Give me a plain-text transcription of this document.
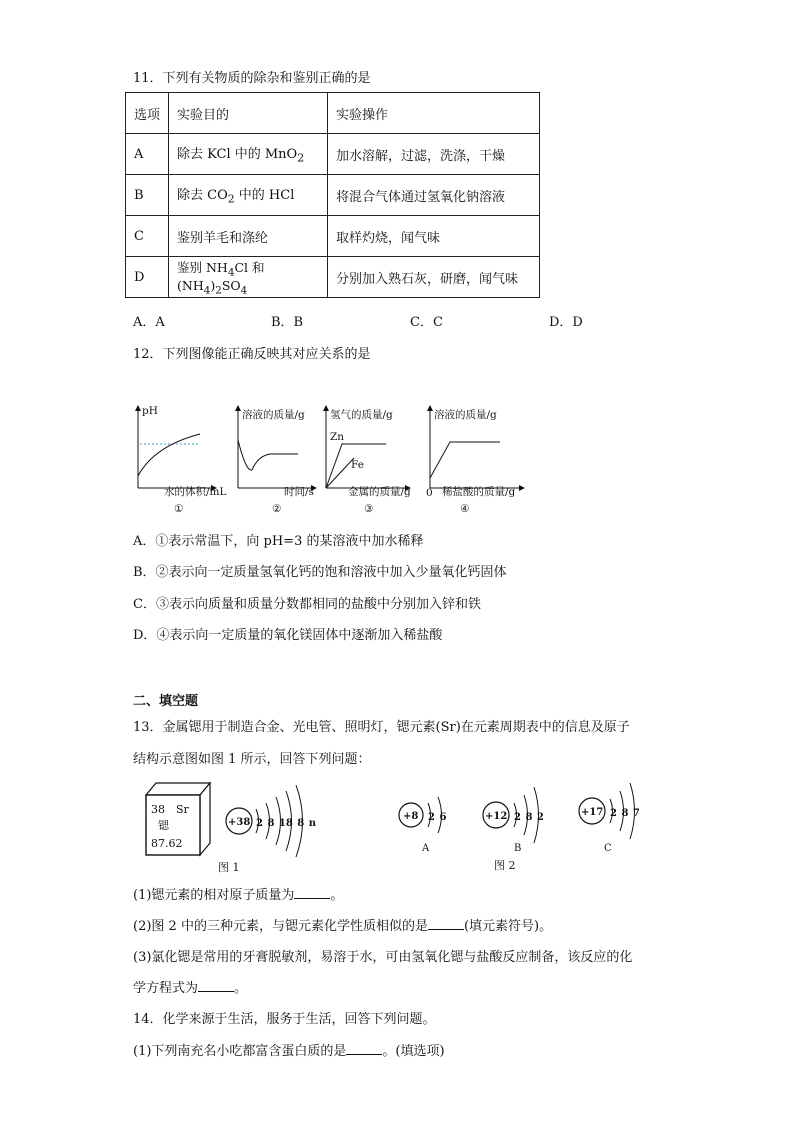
11．下列有关物质的除杂和鉴别正确的是
选项	实验目的	实验操作
A	除去 KCl 中的 MnO$_2$	加水溶解，过滤，洗涤，干燥
B	除去 $CO_2$ 中的 HCl	将混合气体通过氢氧化钠溶液
C	鉴别羊毛和涤纶	取样灼烧，闻气味
D	鉴别 $NH_4Cl$ 和$(NH_4)_2SO_4$	分别加入熟石灰，研磨，闻气味
A．A	B．B	C．C	D．D
12．下列图像能正确反映其对应关系的是
pH
水的体积/mL
①
溶液的质量/g
时间/s
②
氢气的质量/g
Zn
Fe
金属的质量/g
③
溶液的质量/g
0 稀盐酸的质量/g
④
A．①表示常温下，向 pH=3 的某溶液中加水稀释
B．②表示向一定质量氢氧化钙的饱和溶液中加入少量氧化钙固体
C．③表示向质量和质量分数都相同的盐酸中分别加入锌和铁
D．④表示向一定质量的氧化镁固体中逐渐加入稀盐酸
二、填空题
13．金属锶用于制造合金、光电管、照明灯，锶元素(Sr)在元素周期表中的信息及原子
结构示意图如图 1 所示，回答下列问题：
38 Sr
锶
87.62
+38 2 8 18 8 n
图 1
+8 2 6
A
+12 2 8 2
B
+17 2 8 7
C
图 2
(1)锶元素的相对原子质量为	。
(2)图 2 中的三种元素，与锶元素化学性质相似的是	(填元素符号)。
(3)氯化锶是常用的牙膏脱敏剂，易溶于水，可由氢氧化锶与盐酸反应制备，该反应的化
学方程式为	。
14．化学来源于生活，服务于生活，回答下列问题。
(1)下列南充名小吃都富含蛋白质的是	。(填选项)
